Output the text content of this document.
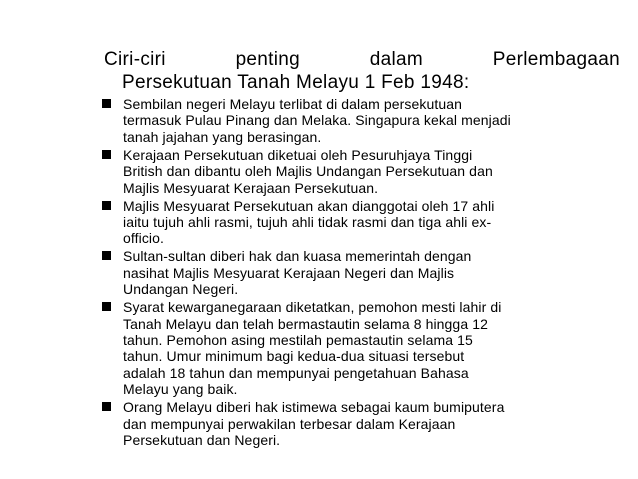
Ciri-ciri	penting	dalam	Perlembagaan
Persekutuan Tanah Melayu 1 Feb 1948:
Sembilan negeri Melayu terlibat di dalam persekutuan
termasuk Pulau Pinang dan Melaka. Singapura kekal menjadi
tanah jajahan yang berasingan.
Kerajaan Persekutuan diketuai oleh Pesuruhjaya Tinggi
British dan dibantu oleh Majlis Undangan Persekutuan dan
Majlis Mesyuarat Kerajaan Persekutuan.
Majlis Mesyuarat Persekutuan akan dianggotai oleh 17 ahli
iaitu tujuh ahli rasmi, tujuh ahli tidak rasmi dan tiga ahli ex-
officio.
Sultan-sultan diberi hak dan kuasa memerintah dengan
nasihat Majlis Mesyuarat Kerajaan Negeri dan Majlis
Undangan Negeri.
Syarat kewarganegaraan diketatkan, pemohon mesti lahir di
Tanah Melayu dan telah bermastautin selama 8 hingga 12
tahun. Pemohon asing mestilah pemastautin selama 15
tahun. Umur minimum bagi kedua-dua situasi tersebut
adalah 18 tahun dan mempunyai pengetahuan Bahasa
Melayu yang baik.
Orang Melayu diberi hak istimewa sebagai kaum bumiputera
dan mempunyai perwakilan terbesar dalam Kerajaan
Persekutuan dan Negeri.
